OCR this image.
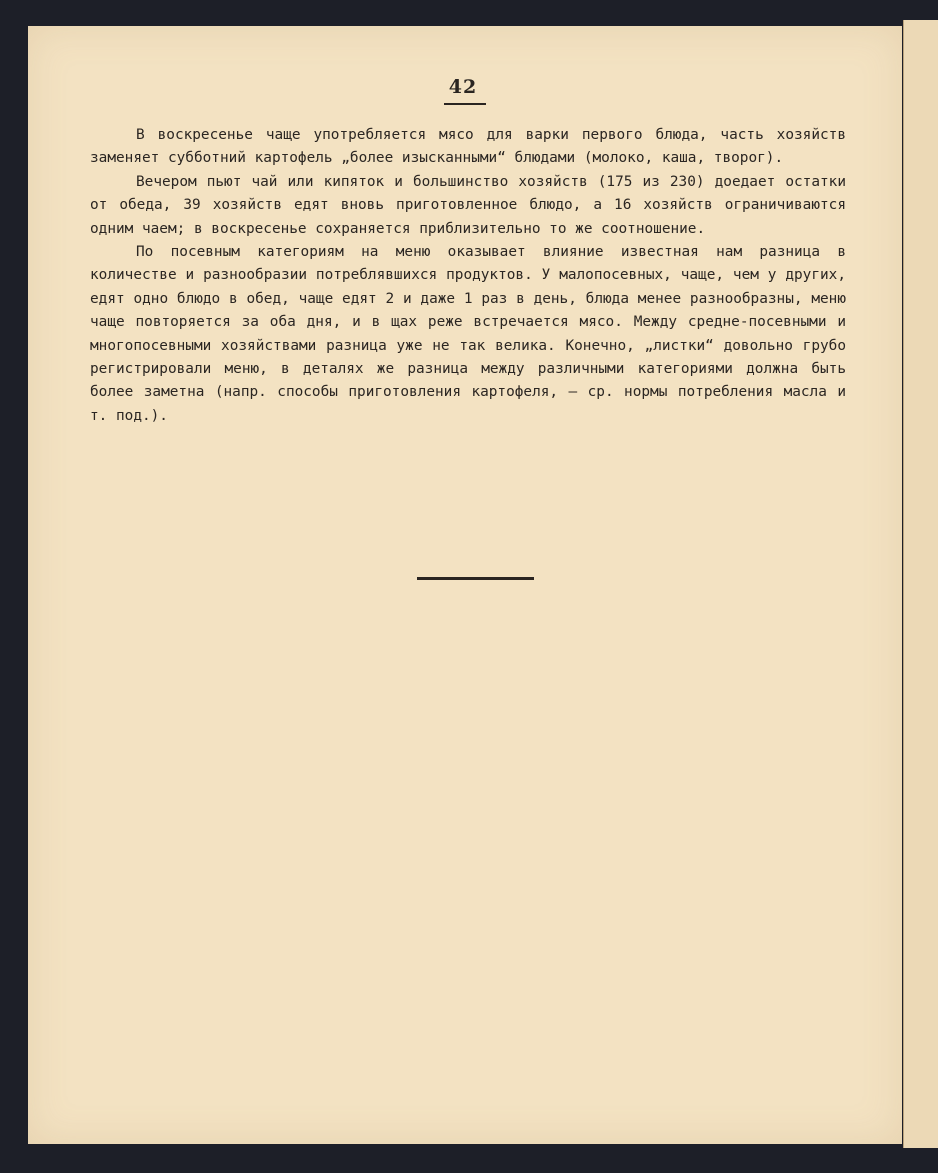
42

В воскресенье чаще употребляется мясо для варки первого блюда, часть хозяйств заменяет субботний картофель „более изысканными“ блюдами (молоко, каша, творог).

Вечером пьют чай или кипяток и большинство хозяйств (175 из 230) доедает остатки от обеда, 39 хозяйств едят вновь приготовленное блюдо, а 16 хозяйств ограничиваются одним чаем; в воскресенье сохраняется приблизительно то же соотношение.

По посевным категориям на меню оказывает влияние известная нам разница в количестве и разнообразии потреблявшихся продуктов. У малопосевных, чаще, чем у других, едят одно блюдо в обед, чаще едят 2 и даже 1 раз в день, блюда менее разнообразны, меню чаще повторяется за оба дня, и в щах реже встречается мясо. Между средне-посевными и многопосевными хозяйствами разница уже не так велика. Конечно, „листки“ довольно грубо регистрировали меню, в деталях же разница между различными категориями должна быть более заметна (напр. способы приготовления картофеля, — ср. нормы потребления масла и т. под.).
